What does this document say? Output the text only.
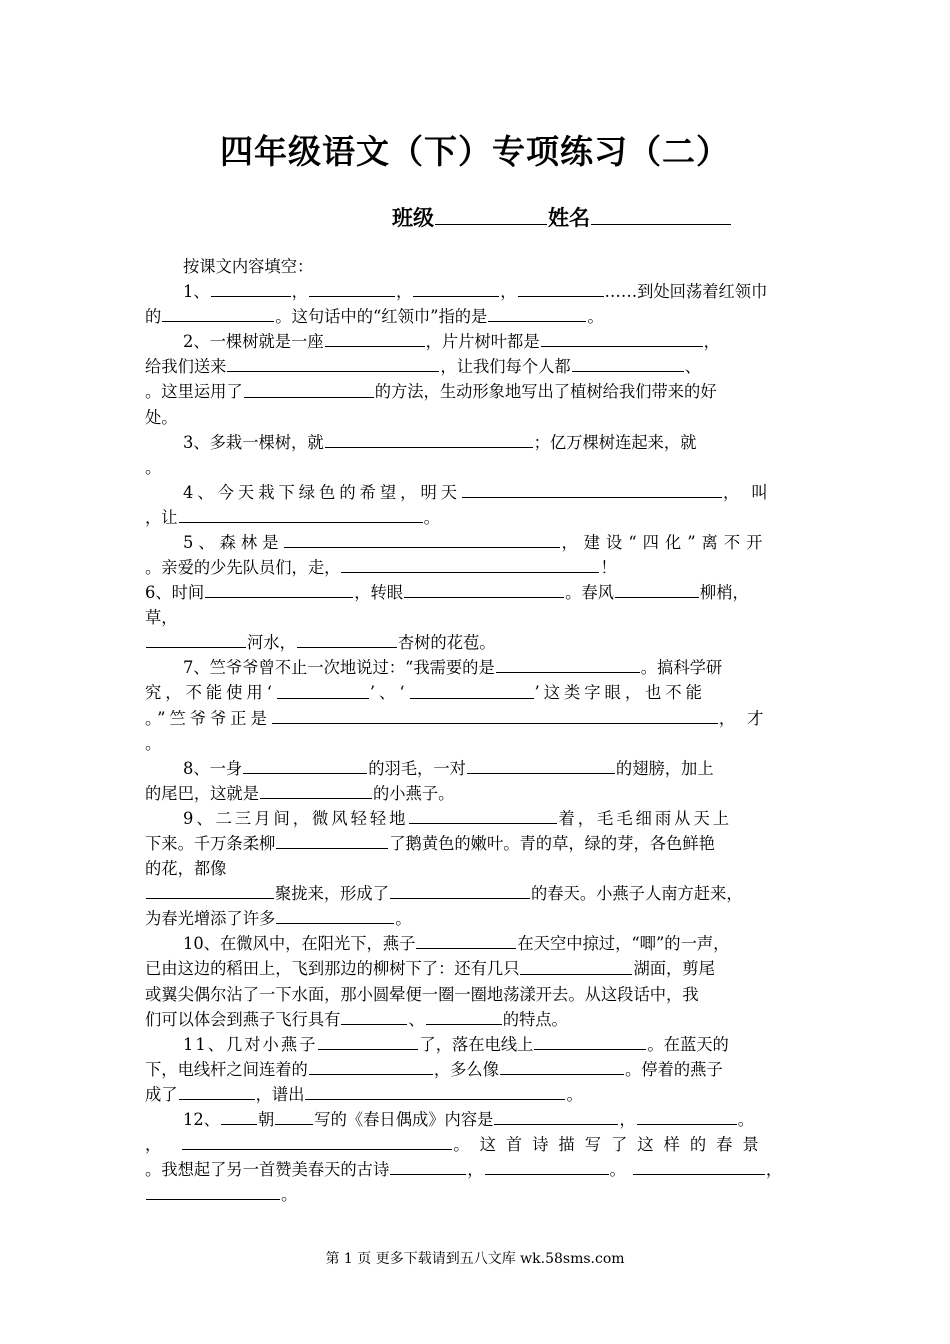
四年级语文（下）专项练习（二）
班级	姓名

按课文内容填空：

1、	，	，	，	……到处回荡着红领巾

的	。这句话中的“红领巾”指的是	。

2、一棵树就是一座	，片片树叶都是	，

给我们送来	，让我们每个人都	、

。这里运用了	的方法，生动形象地写出了植树给我们带来的好

处。

3、多栽一棵树，就	；亿万棵树连起来，就

。

4、今天栽下绿色的希望，明天	，叫

，让	。

5、森林是	，建设“四化”离不开

。亲爱的少先队员们，走，	！

6、时间	，转眼	。春风	柳梢，

草，

河水，	杏树的花苞。

7、竺爷爷曾不止一次地说过：“我需要的是	。搞科学研

究，不能使用‘	’、‘	’这类字眼，也不能

。”竺爷爷正是	，才

。

8、一身	的羽毛，一对	的翅膀，加上

的尾巴，这就是	的小燕子。

9、二三月间，微风轻轻地	着，毛毛细雨从天上

下来。千万条柔柳	了鹅黄色的嫩叶。青的草，绿的芽，各色鲜艳

的花，都像

聚拢来，形成了	的春天。小燕子人南方赶来，

为春光增添了许多	。

10、在微风中，在阳光下，燕子	在天空中掠过，“唧”的一声，

已由这边的稻田上，飞到那边的柳树下了：还有几只	湖面，剪尾

或翼尖偶尔沾了一下水面，那小圆晕便一圈一圈地荡漾开去。从这段话中，我

们可以体会到燕子飞行具有	、	的特点。

11、几对小燕子	了，落在电线上	。在蓝天的

下，电线杆之间连着的	，多么像	。停着的燕子

成了	，谱出	。

12、 朝 写的《春日偶成》内容是	，	。

，	。这首诗描写了这样的春景

。我想起了另一首赞美春天的古诗	，	。	，

。

第 1 页 更多下载请到五八文库 wk.58sms.com
